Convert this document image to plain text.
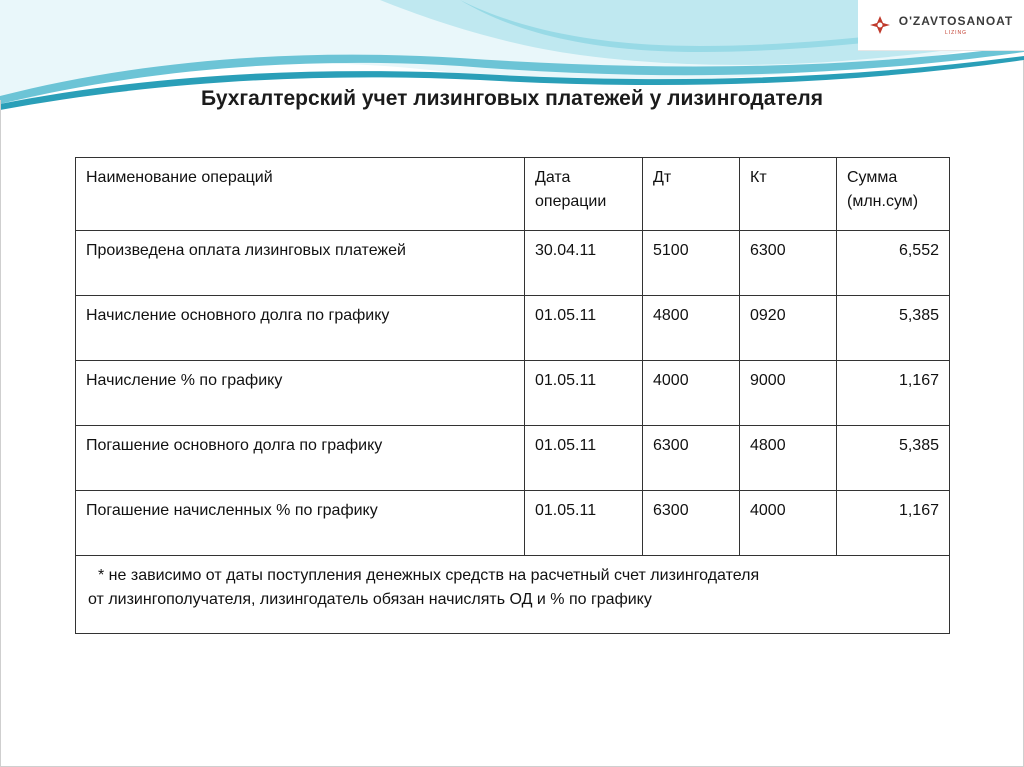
O'ZAVTOSANOAT
LIZING
Бухгалтерский учет лизинговых платежей у лизингодателя
Наименование операций	Дата операции	Дт	Кт	Сумма (млн.сум)
Произведена оплата лизинговых платежей	30.04.11	5100	6300	6,552
Начисление основного долга по графику	01.05.11	4800	0920	5,385
Начисление % по графику	01.05.11	4000	9000	1,167
Погашение основного долга по графику	01.05.11	6300	4800	5,385
Погашение начисленных % по графику	01.05.11	6300	4000	1,167

* не зависимо от даты поступления денежных средств на расчетный счет лизингодателя
от лизингополучателя, лизингодатель обязан начислять ОД и % по графику				
